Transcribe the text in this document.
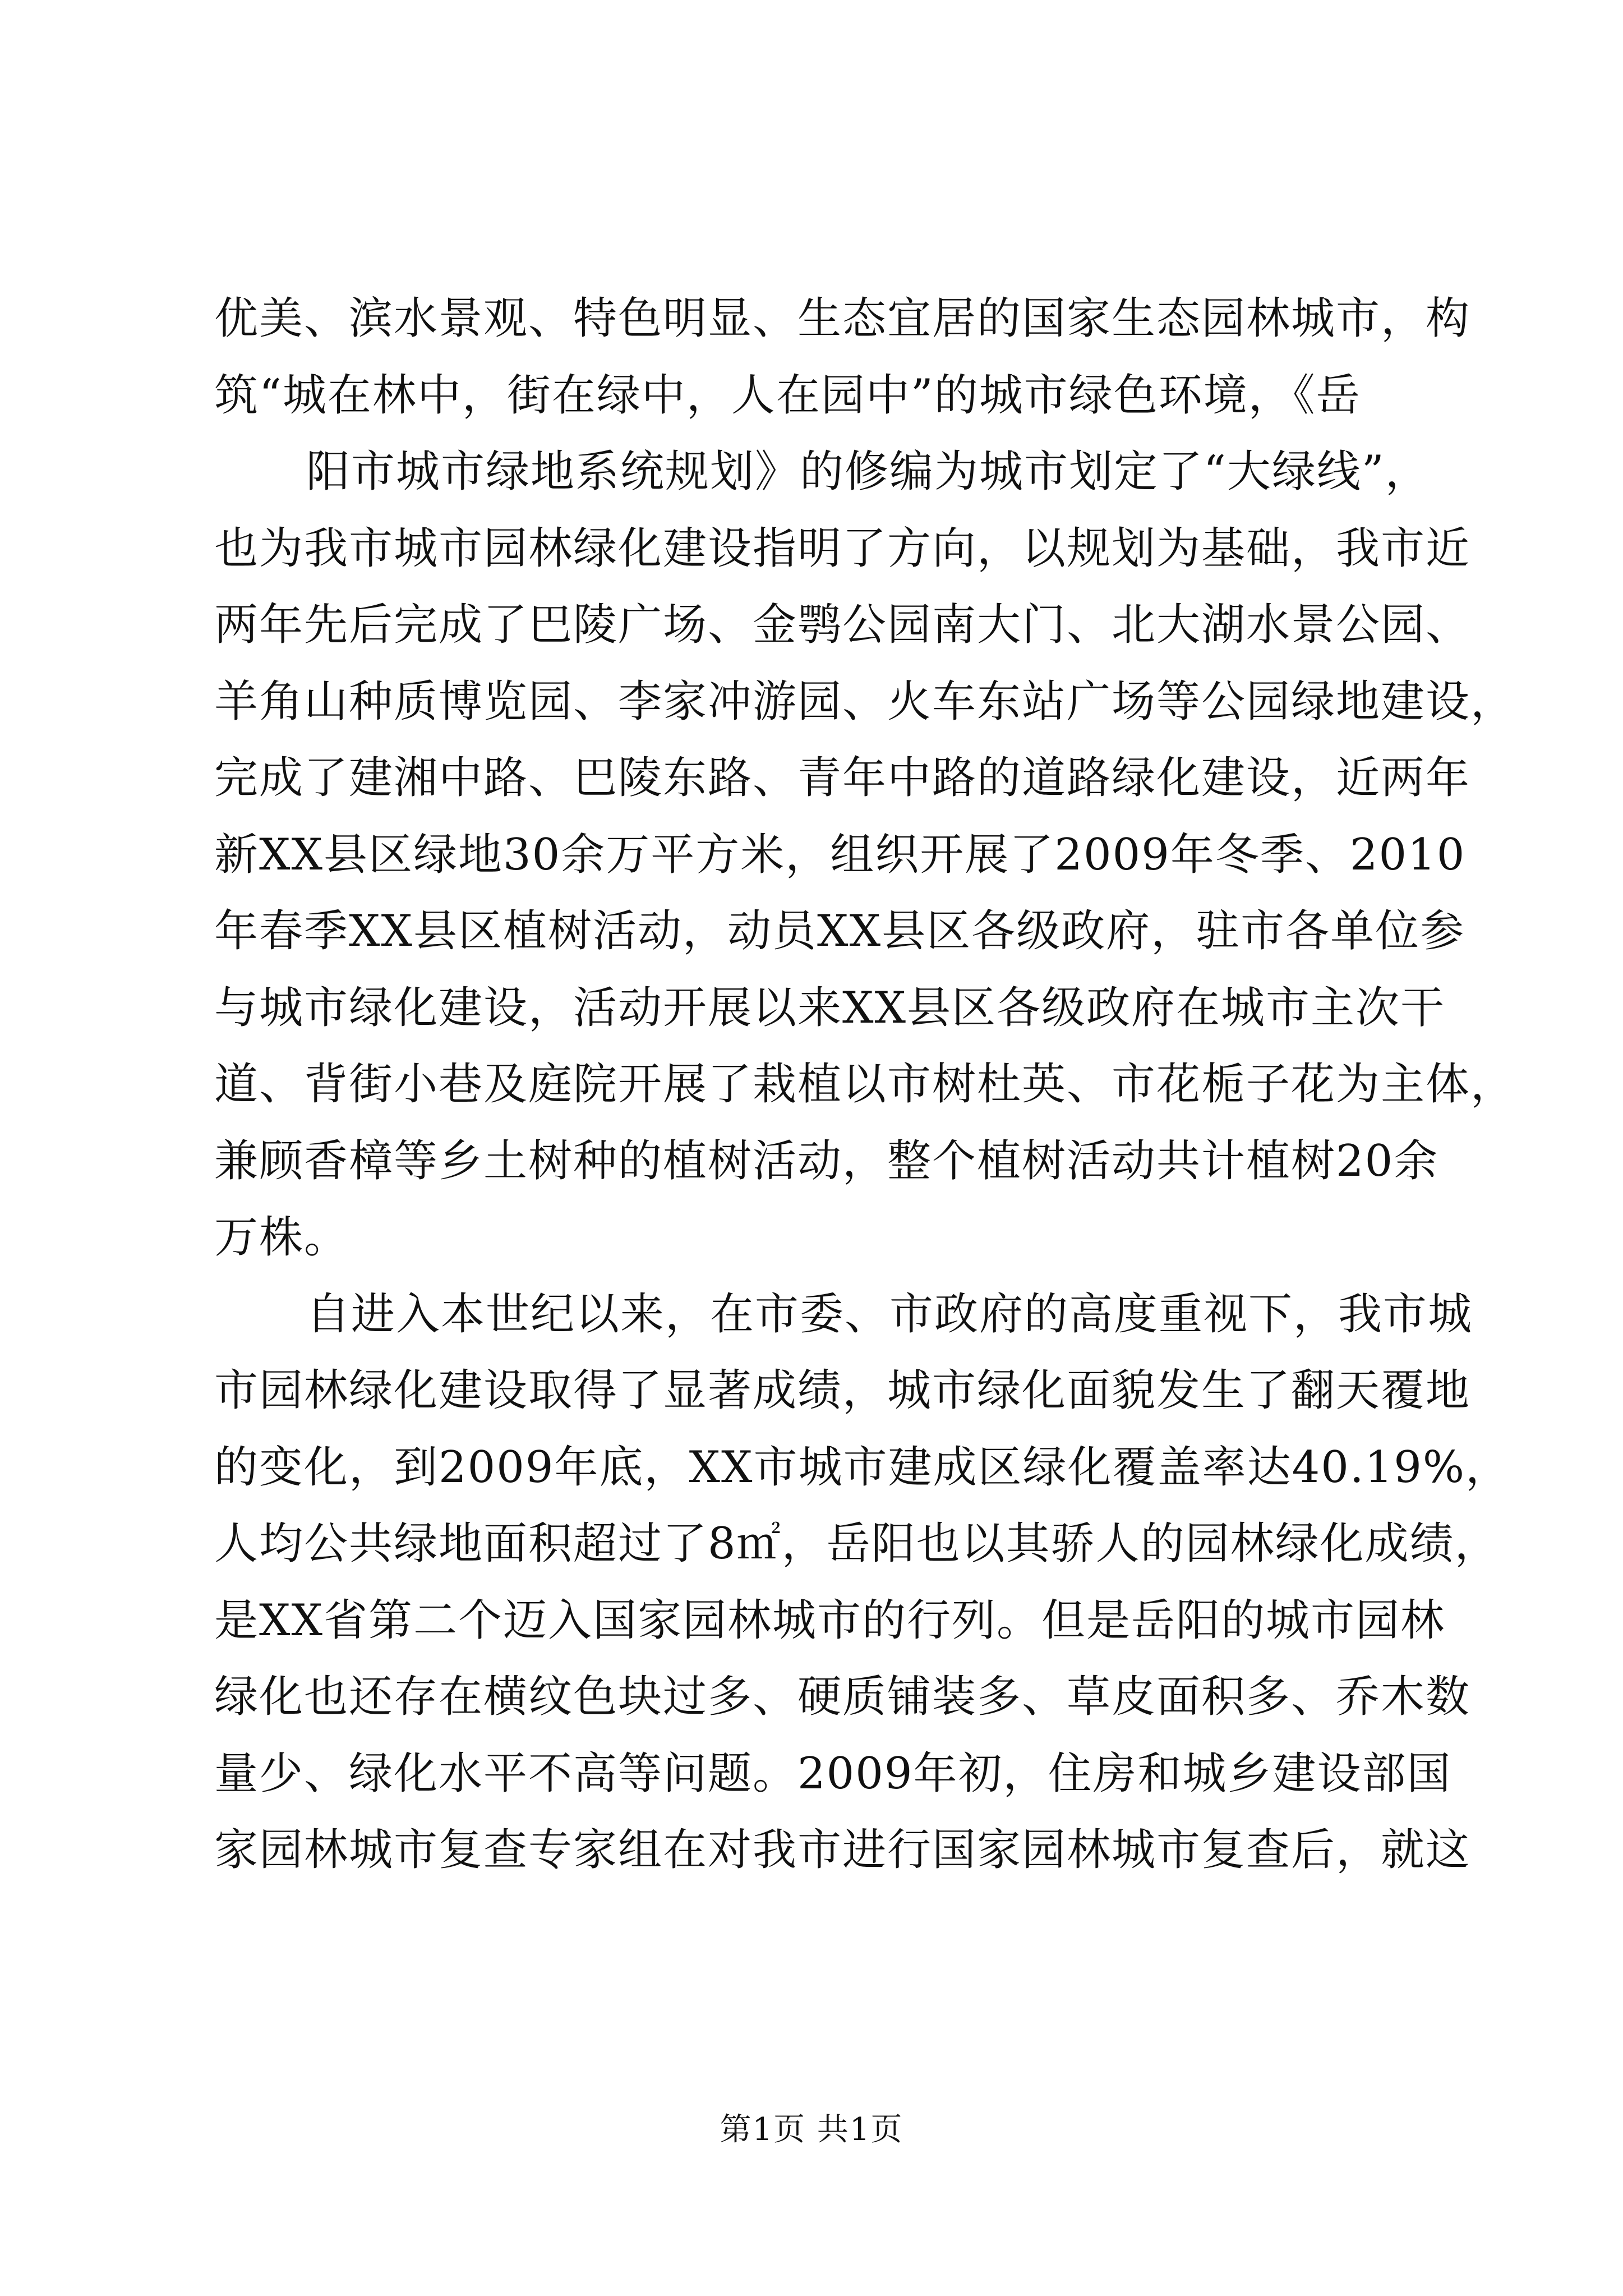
优美、滨水景观、特色明显、生态宜居的国家生态园林城市，构
筑“城在林中，街在绿中，人在园中”的城市绿色环境，《岳
阳市城市绿地系统规划》的修编为城市划定了“大绿线”，
也为我市城市园林绿化建设指明了方向，以规划为基础，我市近
两年先后完成了巴陵广场、金鹗公园南大门、北大湖水景公园、
羊角山种质博览园、李家冲游园、火车东站广场等公园绿地建设，
完成了建湘中路、巴陵东路、青年中路的道路绿化建设，近两年
新XX县区绿地30余万平方米，组织开展了2009年冬季、2010
年春季XX县区植树活动，动员XX县区各级政府，驻市各单位参
与城市绿化建设，活动开展以来XX县区各级政府在城市主次干
道、背街小巷及庭院开展了栽植以市树杜英、市花栀子花为主体，
兼顾香樟等乡土树种的植树活动，整个植树活动共计植树20余
万株。
自进入本世纪以来，在市委、市政府的高度重视下，我市城
市园林绿化建设取得了显著成绩，城市绿化面貌发生了翻天覆地
的变化，到2009年底，XX市城市建成区绿化覆盖率达40.19%，
人均公共绿地面积超过了8㎡，岳阳也以其骄人的园林绿化成绩，
是XX省第二个迈入国家园林城市的行列。但是岳阳的城市园林
绿化也还存在横纹色块过多、硬质铺装多、草皮面积多、乔木数
量少、绿化水平不高等问题。2009年初，住房和城乡建设部国
家园林城市复查专家组在对我市进行国家园林城市复查后，就这
第1页 共1页
